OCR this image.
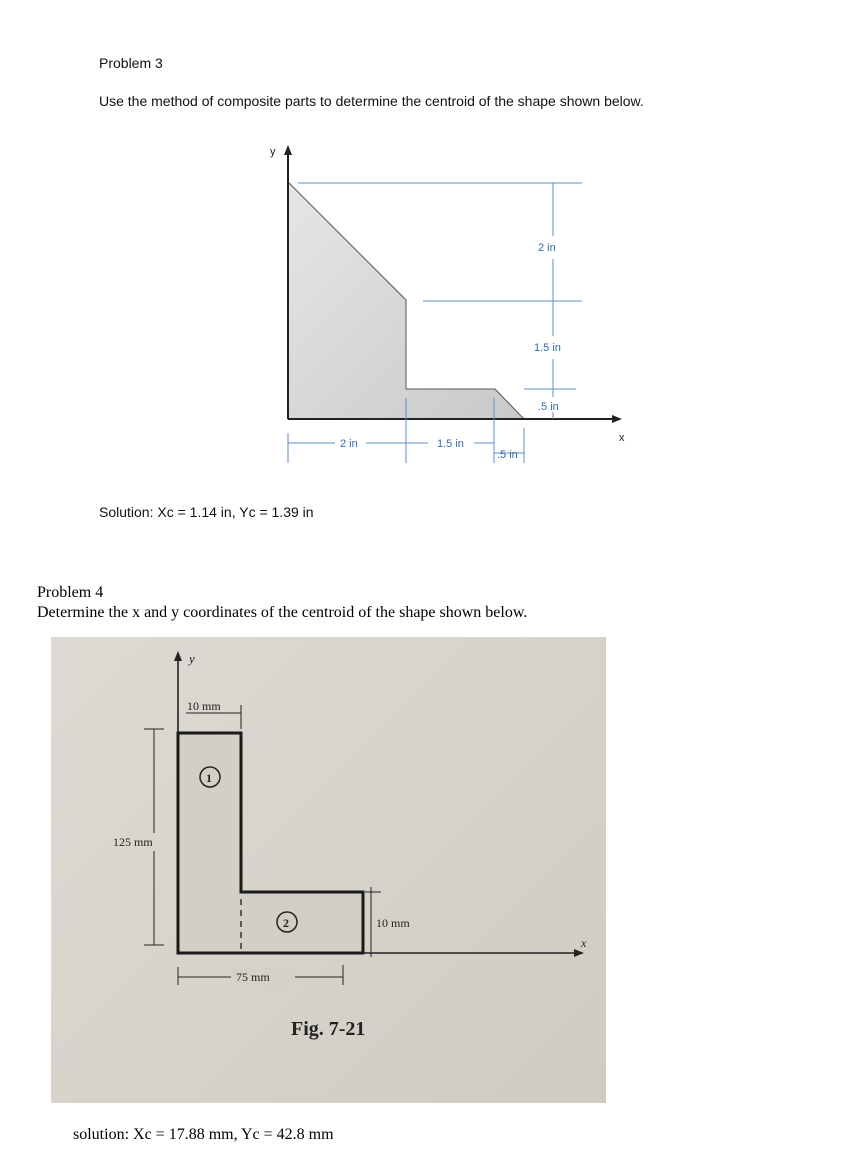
Problem 3
Use the method of composite parts to determine the centroid of the shape shown below.
y
x
2 in
1.5 in
.5 in
2 in	1.5 in
.5 in
Solution: Xc = 1.14 in, Yc = 1.39 in
Problem 4
Determine the x and y coordinates of the centroid of the shape shown below.
y
x
1
2
10 mm
125 mm
75 mm
10 mm
Fig. 7-21
solution: Xc = 17.88 mm, Yc = 42.8 mm
